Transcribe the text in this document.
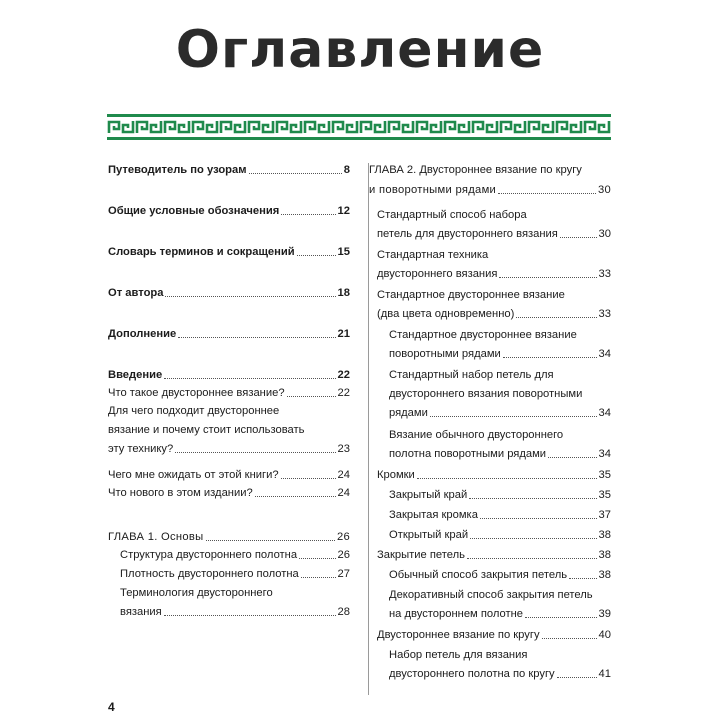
Оглавление
Путеводитель по узорам	8
Общие условные обозначения	12
Словарь терминов и сокращений	15
От автора	18
Дополнение	21
Введение	22
Что такое двустороннее вязание?	22
Для чего подходит двустороннее
вязание и почему стоит использовать
эту технику?	23
Чего мне ожидать от этой книги?	24
Что нового в этом издании?	24
ГЛАВА 1. Основы	26
Структура двустороннего полотна	26
Плотность двустороннего полотна	27
Терминология двустороннего
вязания	28
ГЛАВА 2. Двустороннее вязание по кругу
и поворотными рядами	30
Стандартный способ набора
петель для двустороннего вязания	30
Стандартная техника
двустороннего вязания	33
Стандартное двустороннее вязание
(два цвета одновременно)	33
Стандартное двустороннее вязание
поворотными рядами	34
Стандартный набор петель для
двустороннего вязания поворотными
рядами	34
Вязание обычного двустороннего
полотна поворотными рядами	34
Кромки	35
Закрытый край	35
Закрытая кромка	37
Открытый край	38
Закрытие петель	38
Обычный способ закрытия петель	38
Декоративный способ закрытия петель
на двустороннем полотне	39
Двустороннее вязание по кругу	40
Набор петель для вязания
двустороннего полотна по кругу	41
4
